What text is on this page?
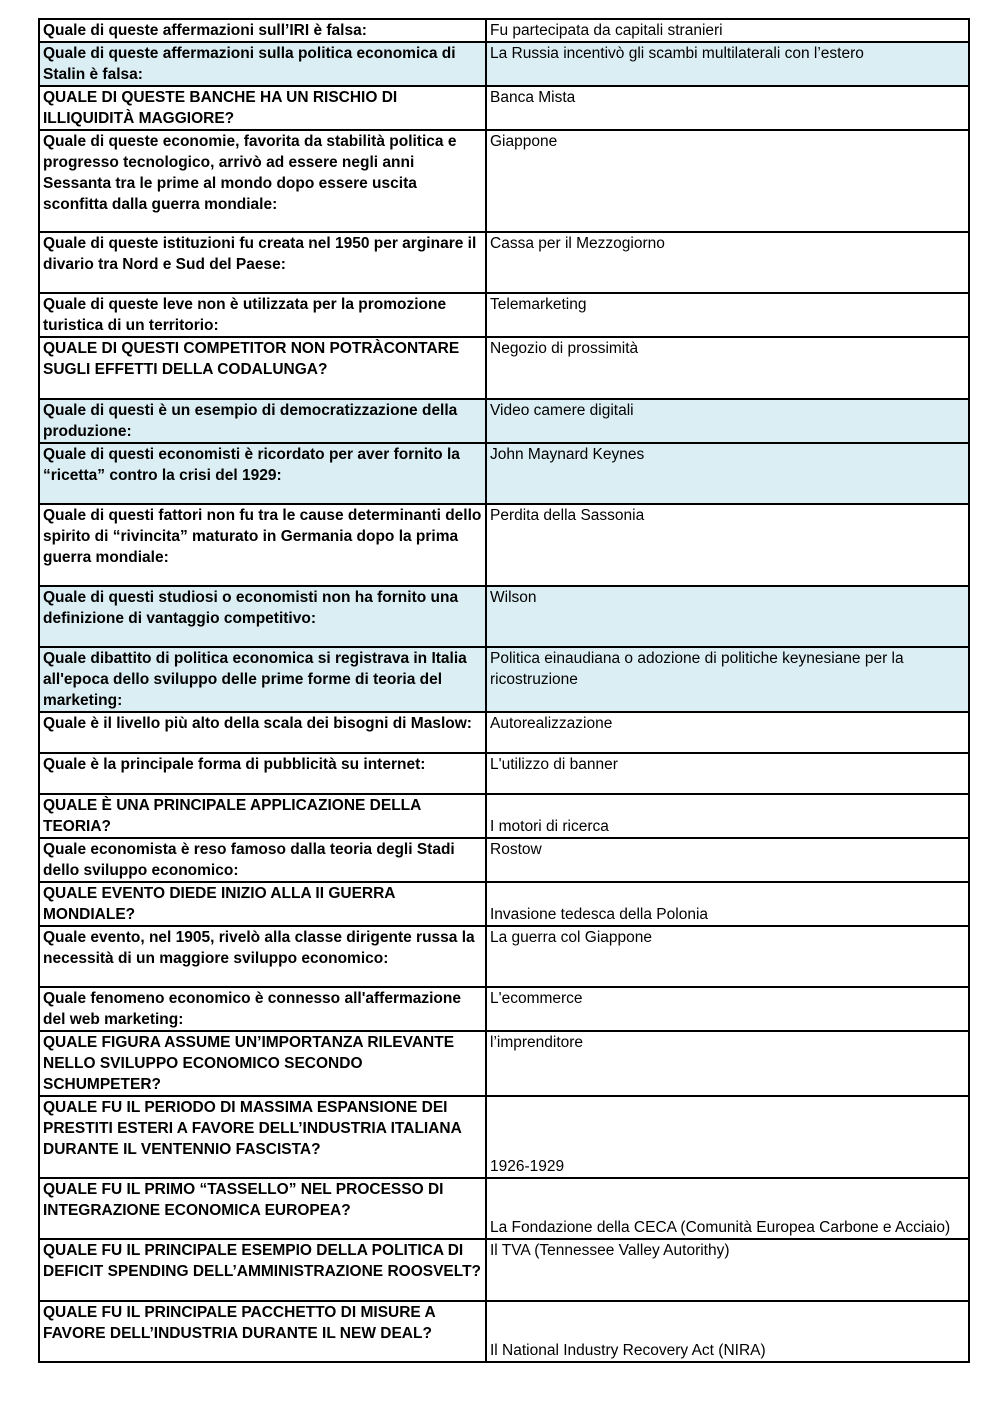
Quale di queste affermazioni sull’IRI è falsa:	Fu partecipata da capitali stranieri
Quale di queste affermazioni sulla politica economica di Stalin è falsa:	La Russia incentivò gli scambi multilaterali con l’estero
QUALE DI QUESTE BANCHE HA UN RISCHIO DI ILLIQUIDITÀ MAGGIORE?	Banca Mista
Quale di queste economie, favorita da stabilità politica e progresso tecnologico, arrivò ad essere negli anni Sessanta tra le prime al mondo dopo essere uscita sconfitta dalla guerra mondiale:	Giappone
Quale di queste istituzioni fu creata nel 1950 per arginare il divario tra Nord e Sud del Paese:	Cassa per il Mezzogiorno
Quale di queste leve non è utilizzata per la promozione turistica di un territorio:	Telemarketing
QUALE DI QUESTI COMPETITOR NON POTRÀCONTARE SUGLI EFFETTI DELLA CODALUNGA?	Negozio di prossimità
Quale di questi è un esempio di democratizzazione della produzione:	Video camere digitali
Quale di questi economisti è ricordato per aver fornito la “ricetta” contro la crisi del 1929:	John Maynard Keynes
Quale di questi fattori non fu tra le cause determinanti dello spirito di “rivincita” maturato in Germania dopo la prima guerra mondiale:	Perdita della Sassonia
Quale di questi studiosi o economisti non ha fornito una definizione di vantaggio competitivo:	Wilson
Quale dibattito di politica economica si registrava in Italia all'epoca dello sviluppo delle prime forme di teoria del marketing:	Politica einaudiana o adozione di politiche keynesiane per la ricostruzione
Quale è il livello più alto della scala dei bisogni di Maslow:	Autorealizzazione
Quale è la principale forma di pubblicità su internet:	L'utilizzo di banner
QUALE È UNA PRINCIPALE APPLICAZIONE DELLA TEORIA?	I motori di ricerca
Quale economista è reso famoso dalla teoria degli Stadi dello sviluppo economico:	Rostow
QUALE EVENTO DIEDE INIZIO ALLA II GUERRA MONDIALE?	Invasione tedesca della Polonia
Quale evento, nel 1905, rivelò alla classe dirigente russa la necessità di un maggiore sviluppo economico:	La guerra col Giappone
Quale fenomeno economico è connesso all'affermazione del web marketing:	L'ecommerce
QUALE FIGURA ASSUME UN’IMPORTANZA RILEVANTE NELLO SVILUPPO ECONOMICO SECONDO SCHUMPETER?	l’imprenditore
QUALE FU IL PERIODO DI MASSIMA ESPANSIONE DEI PRESTITI ESTERI A FAVORE DELL’INDUSTRIA ITALIANA DURANTE IL VENTENNIO FASCISTA?	1926-1929
QUALE FU IL PRIMO “TASSELLO” NEL PROCESSO DI INTEGRAZIONE ECONOMICA EUROPEA?	La Fondazione della CECA (Comunità Europea Carbone e Acciaio)
QUALE FU IL PRINCIPALE ESEMPIO DELLA POLITICA DI DEFICIT SPENDING DELL’AMMINISTRAZIONE ROOSVELT?	Il TVA (Tennessee Valley Autorithy)
QUALE FU IL PRINCIPALE PACCHETTO DI MISURE A FAVORE DELL’INDUSTRIA DURANTE IL NEW DEAL?	Il National Industry Recovery Act (NIRA)
